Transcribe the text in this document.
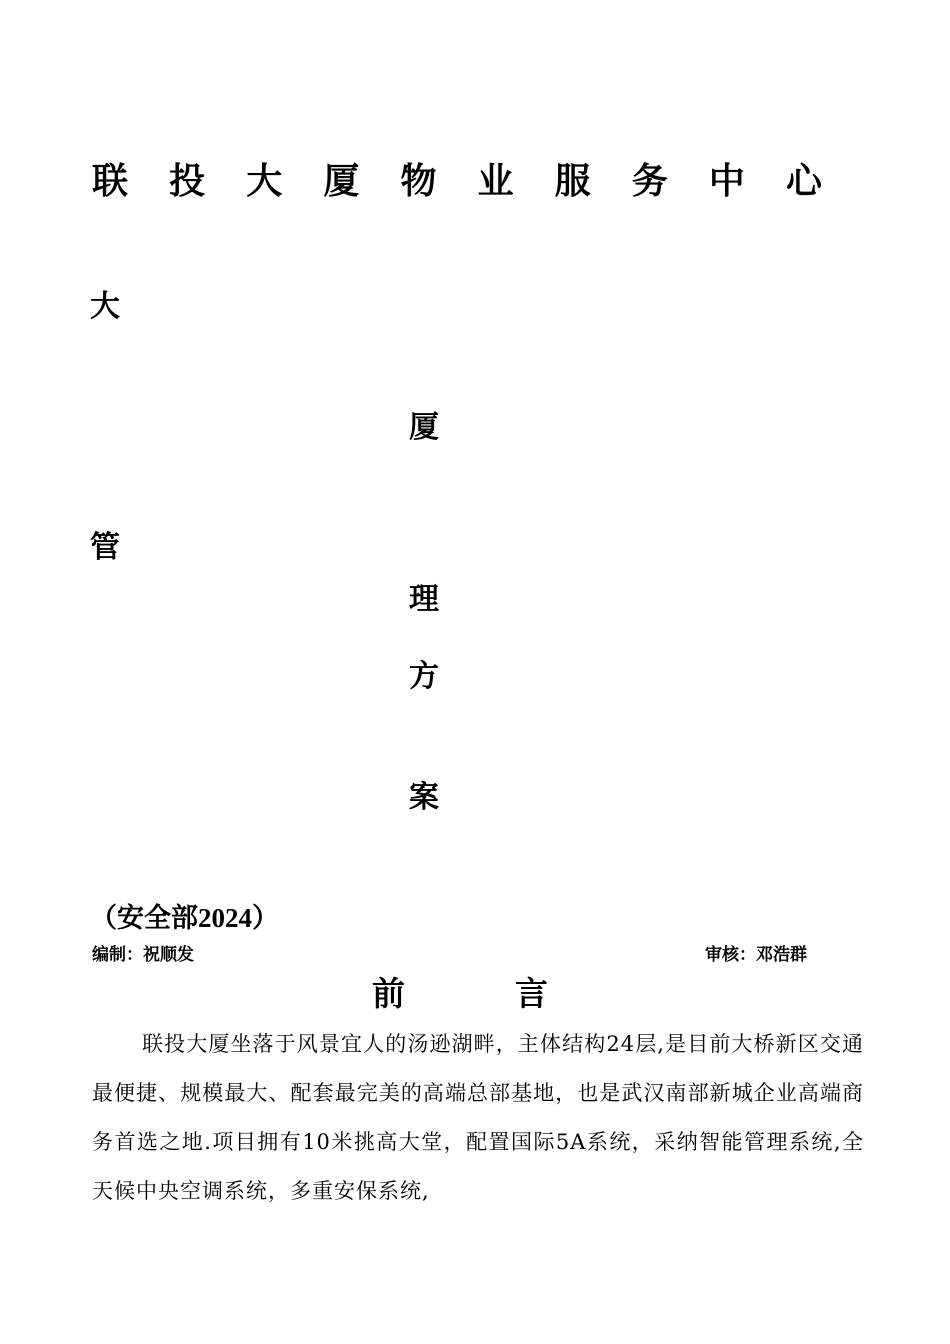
联 投 大 厦 物 业 服 务 中 心
大
厦
管
理
方
案
（安全部2024）
编制：祝顺发	审核：邓浩群
前	言

联投大厦坐落于风景宜人的汤逊湖畔，主体结构24层,是目前大桥新区交通最便捷、规模最大、配套最完美的高端总部基地，也是武汉南部新城企业高端商务首选之地.项目拥有10米挑高大堂，配置国际5A系统，采纳智能管理系统,全天候中央空调系统，多重安保系统,
